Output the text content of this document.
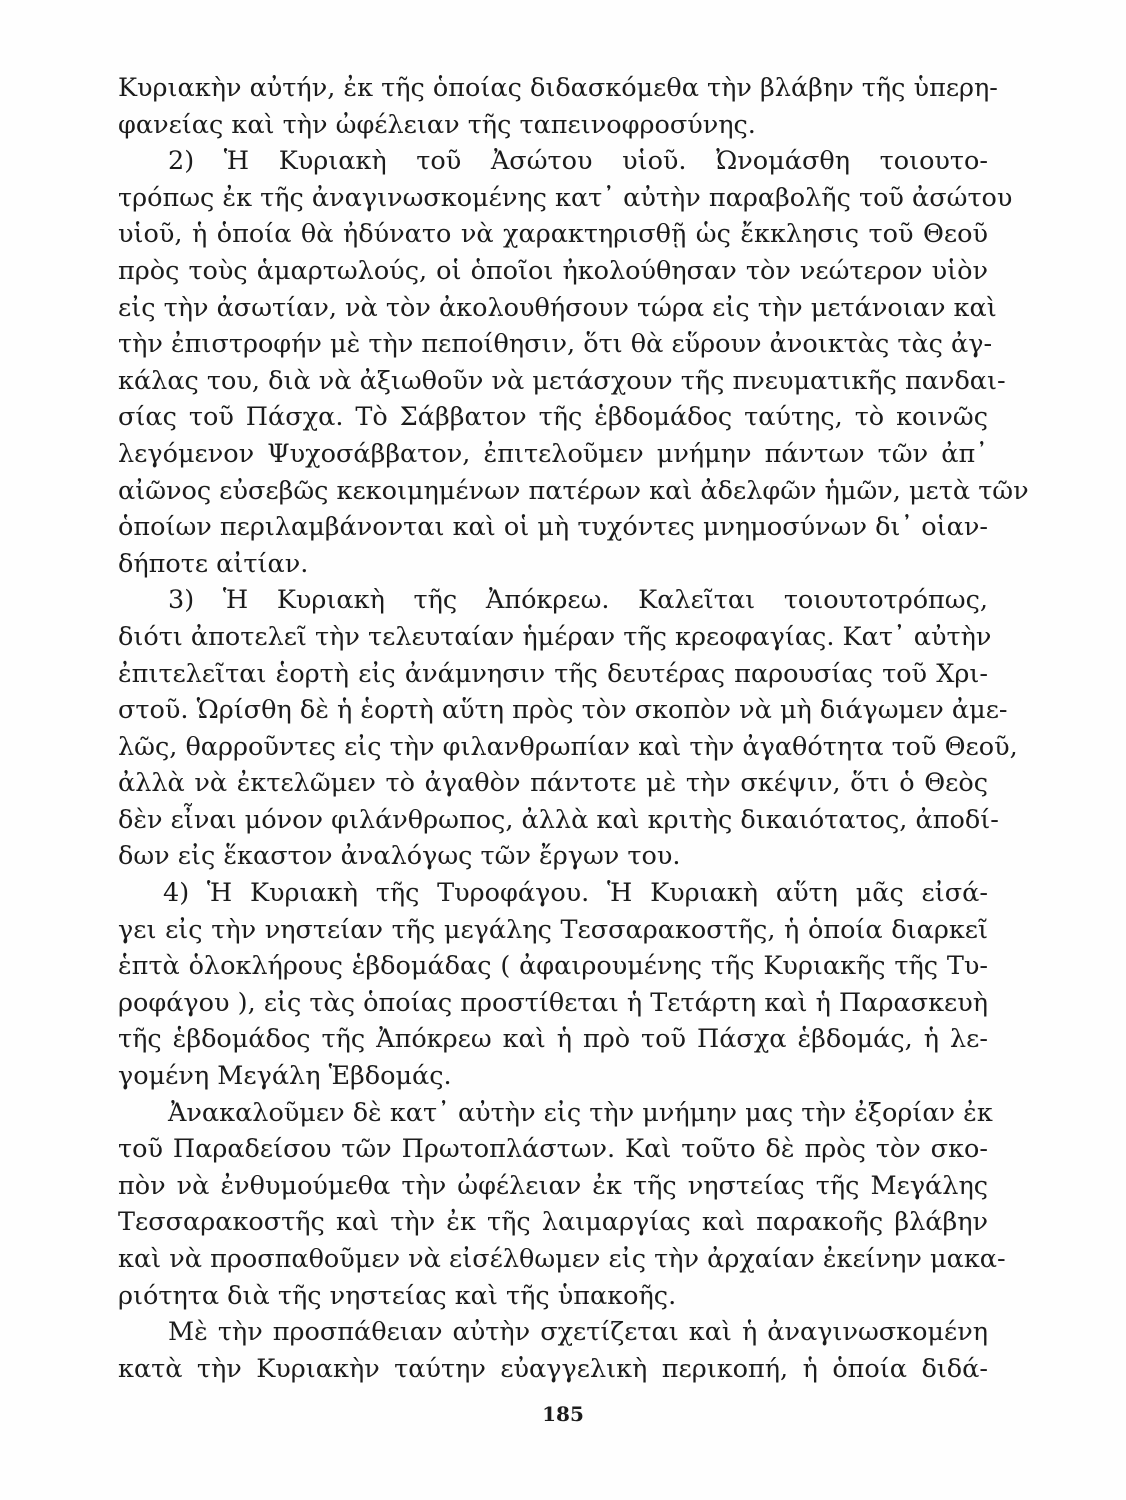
Κυριακὴν αὐτήν, ἐκ τῆς ὁποίας διδασκόμεθα τὴν βλάβην τῆς ὑπερη-
φανείας καὶ τὴν ὠφέλειαν τῆς ταπεινοφροσύνης.
2) Ἡ Κυριακὴ τοῦ Ἀσώτου υἱοῦ. Ὠνομάσθη τοιουτο-
τρόπως ἐκ τῆς ἀναγινωσκομένης κατ᾽ αὐτὴν παραβολῆς τοῦ ἀσώτου
υἱοῦ, ἡ ὁποία θὰ ἠδύνατο νὰ χαρακτηρισθῇ ὡς ἔκκλησις τοῦ Θεοῦ
πρὸς τοὺς ἁμαρτωλούς, οἱ ὁποῖοι ἠκολούθησαν τὸν νεώτερον υἱὸν
εἰς τὴν ἀσωτίαν, νὰ τὸν ἀκολουθήσουν τώρα εἰς τὴν μετάνοιαν καὶ
τὴν ἐπιστροφήν μὲ τὴν πεποίθησιν, ὅτι θὰ εὕρουν ἀνοικτὰς τὰς ἀγ-
κάλας του, διὰ νὰ ἀξιωθοῦν νὰ μετάσχουν τῆς πνευματικῆς πανδαι-
σίας τοῦ Πάσχα. Τὸ Σάββατον τῆς ἑβδομάδος ταύτης, τὸ κοινῶς
λεγόμενον Ψυχοσάββατον, ἐπιτελοῦμεν μνήμην πάντων τῶν ἀπ᾽
αἰῶνος εὐσεβῶς κεκοιμημένων πατέρων καὶ ἀδελφῶν ἡμῶν, μετὰ τῶν
ὁποίων περιλαμβάνονται καὶ οἱ μὴ τυχόντες μνημοσύνων δι᾽ οἱαν-
δήποτε αἰτίαν.
3) Ἡ Κυριακὴ τῆς Ἀπόκρεω. Καλεῖται τοιουτοτρόπως,
διότι ἀποτελεῖ τὴν τελευταίαν ἡμέραν τῆς κρεοφαγίας. Κατ᾽ αὐτὴν
ἐπιτελεῖται ἑορτὴ εἰς ἀνάμνησιν τῆς δευτέρας παρουσίας τοῦ Χρι-
στοῦ. Ὡρίσθη δὲ ἡ ἑορτὴ αὕτη πρὸς τὸν σκοπὸν νὰ μὴ διάγωμεν ἀμε-
λῶς, θαρροῦντες εἰς τὴν φιλανθρωπίαν καὶ τὴν ἀγαθότητα τοῦ Θεοῦ,
ἀλλὰ νὰ ἐκτελῶμεν τὸ ἀγαθὸν πάντοτε μὲ τὴν σκέψιν, ὅτι ὁ Θεὸς
δὲν εἶναι μόνον φιλάνθρωπος, ἀλλὰ καὶ κριτὴς δικαιότατος, ἀποδί-
δων εἰς ἕκαστον ἀναλόγως τῶν ἔργων του.
4) Ἡ Κυριακὴ τῆς Τυροφάγου. Ἡ Κυριακὴ αὕτη μᾶς εἰσά-
γει εἰς τὴν νηστείαν τῆς μεγάλης Τεσσαρακοστῆς, ἡ ὁποία διαρκεῖ
ἑπτὰ ὁλοκλήρους ἑβδομάδας ( ἀφαιρουμένης τῆς Κυριακῆς τῆς Τυ-
ροφάγου ), εἰς τὰς ὁποίας προστίθεται ἡ Τετάρτη καὶ ἡ Παρασκευὴ
τῆς ἑβδομάδος τῆς Ἀπόκρεω καὶ ἡ πρὸ τοῦ Πάσχα ἑβδομάς, ἡ λε-
γομένη Μεγάλη Ἑβδομάς.
Ἀνακαλοῦμεν δὲ κατ᾽ αὐτὴν εἰς τὴν μνήμην μας τὴν ἐξορίαν ἐκ
τοῦ Παραδείσου τῶν Πρωτοπλάστων. Καὶ τοῦτο δὲ πρὸς τὸν σκο-
πὸν νὰ ἐνθυμούμεθα τὴν ὠφέλειαν ἐκ τῆς νηστείας τῆς Μεγάλης
Τεσσαρακοστῆς καὶ τὴν ἐκ τῆς λαιμαργίας καὶ παρακοῆς βλάβην
καὶ νὰ προσπαθοῦμεν νὰ εἰσέλθωμεν εἰς τὴν ἀρχαίαν ἐκείνην μακα-
ριότητα διὰ τῆς νηστείας καὶ τῆς ὑπακοῆς.
Μὲ τὴν προσπάθειαν αὐτὴν σχετίζεται καὶ ἡ ἀναγινωσκομένη
κατὰ τὴν Κυριακὴν ταύτην εὐαγγελικὴ περικοπή, ἡ ὁποία διδά-
185
